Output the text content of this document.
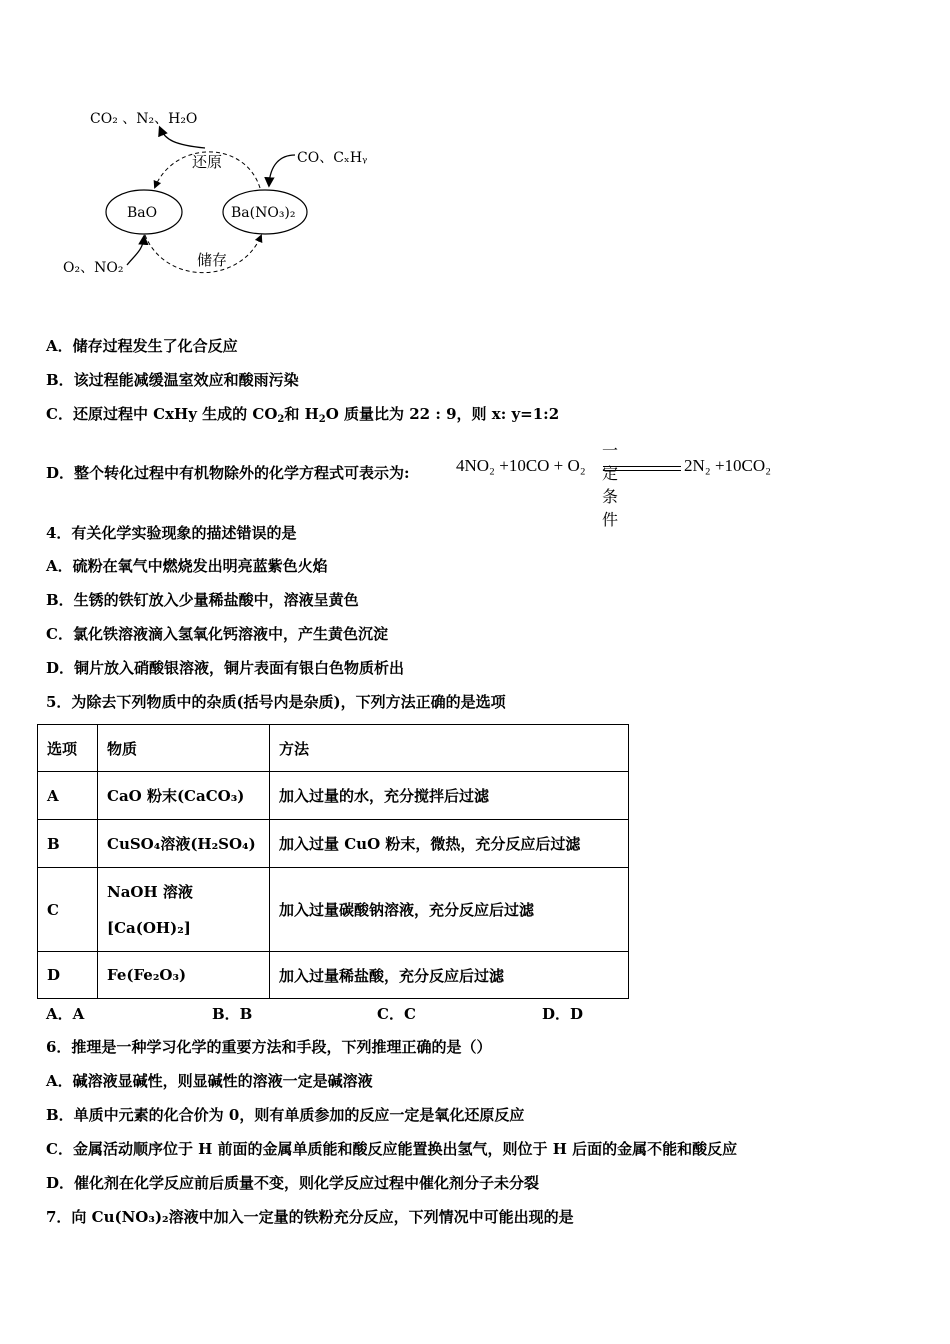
CO₂ 、N₂、H₂O
还原	CO、CₓHᵧ
BaO	Ba(NO₃)₂
储存
O₂、NO₂
A．储存过程发生了化合反应
B．该过程能减缓温室效应和酸雨污染
C．还原过程中 CxHy 生成的 $CO_2$和 $H_2O$ 质量比为 22 : 9，则 x: y=1:2
D．整个转化过程中有机物除外的化学方程式可表示为:
一定条件
4NO₂ +10CO + O₂	2N₂ +10CO₂
4．有关化学实验现象的描述错误的是
A．硫粉在氧气中燃烧发出明亮蓝紫色火焰
B．生锈的铁钉放入少量稀盐酸中，溶液呈黄色
C．氯化铁溶液滴入氢氧化钙溶液中，产生黄色沉淀
D．铜片放入硝酸银溶液，铜片表面有银白色物质析出
5．为除去下列物质中的杂质(括号内是杂质)，下列方法正确的是选项
选项	物质	方法
A	CaO 粉末(CaCO₃)	加入过量的水，充分搅拌后过滤
B	CuSO₄溶液(H₂SO₄)	加入过量 CuO 粉末，微热，充分反应后过滤
C	NaOH 溶液
[Ca(OH)₂]	加入过量碳酸钠溶液，充分反应后过滤
D	Fe(Fe₂O₃)	加入过量稀盐酸，充分反应后过滤
A．A	B．B	C．C	D．D
6．推理是一种学习化学的重要方法和手段，下列推理正确的是（）
A．碱溶液显碱性，则显碱性的溶液一定是碱溶液
B．单质中元素的化合价为 0，则有单质参加的反应一定是氧化还原反应
C．金属活动顺序位于 H 前面的金属单质能和酸反应能置换出氢气，则位于 H 后面的金属不能和酸反应
D．催化剂在化学反应前后质量不变，则化学反应过程中催化剂分子未分裂
7．向 Cu(NO₃)₂溶液中加入一定量的铁粉充分反应，下列情况中可能出现的是
